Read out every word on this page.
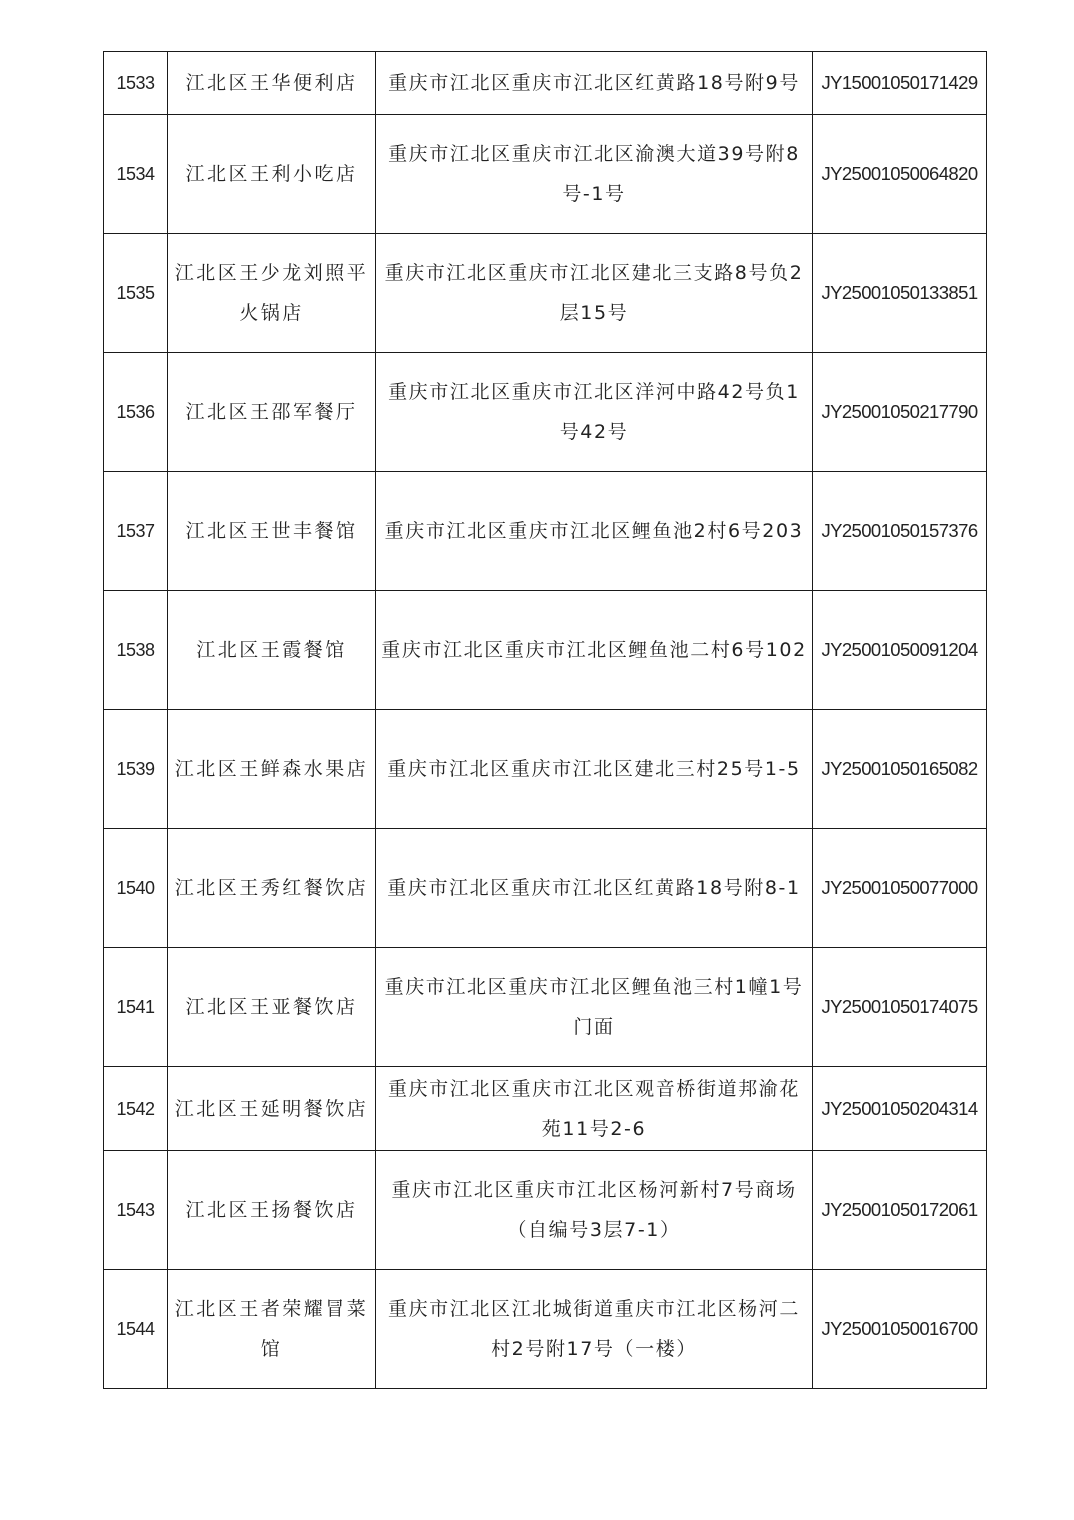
1533	江北区王华便利店	重庆市江北区重庆市江北区红黄路18号附9号	JY15001050171429
1534	江北区王利小吃店	重庆市江北区重庆市江北区渝澳大道39号附8号-1号	JY25001050064820
1535	江北区王少龙刘照平火锅店	重庆市江北区重庆市江北区建北三支路8号负2层15号	JY25001050133851
1536	江北区王邵军餐厅	重庆市江北区重庆市江北区洋河中路42号负1号42号	JY25001050217790
1537	江北区王世丰餐馆	重庆市江北区重庆市江北区鲤鱼池2村6号203	JY25001050157376
1538	江北区王霞餐馆	重庆市江北区重庆市江北区鲤鱼池二村6号102	JY25001050091204
1539	江北区王鲜森水果店	重庆市江北区重庆市江北区建北三村25号1-5	JY25001050165082
1540	江北区王秀红餐饮店	重庆市江北区重庆市江北区红黄路18号附8-1	JY25001050077000
1541	江北区王亚餐饮店	重庆市江北区重庆市江北区鲤鱼池三村1幢1号门面	JY25001050174075
1542	江北区王延明餐饮店	重庆市江北区重庆市江北区观音桥街道邦渝花苑11号2-6	JY25001050204314
1543	江北区王扬餐饮店	重庆市江北区重庆市江北区杨河新村7号商场（自编号3层7-1）	JY25001050172061
1544	江北区王者荣耀冒菜馆	重庆市江北区江北城街道重庆市江北区杨河二村2号附17号（一楼）	JY25001050016700
